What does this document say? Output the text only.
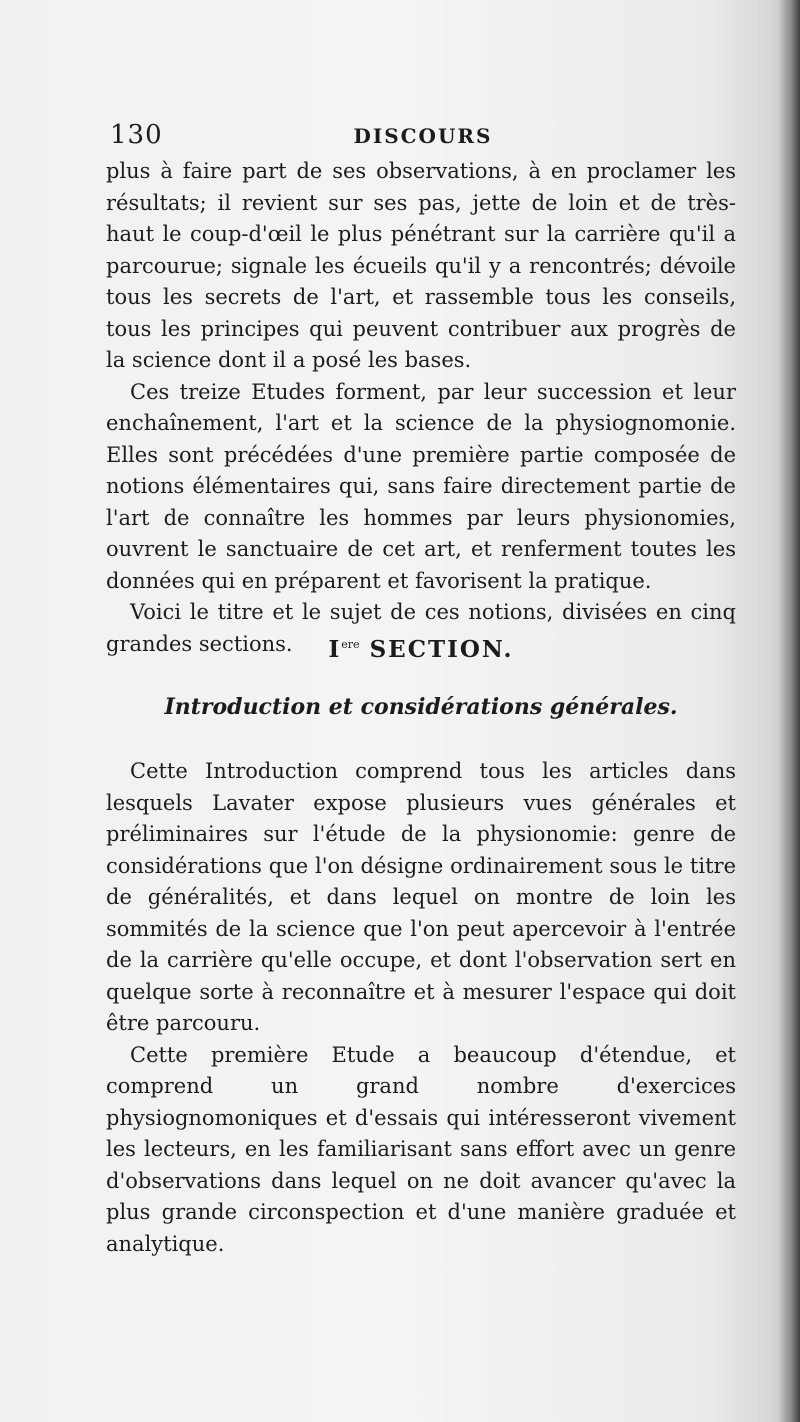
130	DISCOURS

plus à faire part de ses observations, à en proclamer les résultats; il revient sur ses pas, jette de loin et de très-haut le coup-d'œil le plus pénétrant sur la carrière qu'il a parcourue; signale les écueils qu'il y a rencontrés; dévoile tous les secrets de l'art, et rassemble tous les conseils, tous les principes qui peuvent contribuer aux progrès de la science dont il a posé les bases.

Ces treize Etudes forment, par leur succession et leur enchaînement, l'art et la science de la physiognomonie. Elles sont précédées d'une première partie composée de notions élémentaires qui, sans faire directement partie de l'art de connaître les hommes par leurs physionomies, ouvrent le sanctuaire de cet art, et renferment toutes les données qui en préparent et favorisent la pratique.

Voici le titre et le sujet de ces notions, divisées en cinq grandes sections.	Iere SECTION.
Introduction et considérations générales.

Cette Introduction comprend tous les articles dans lesquels Lavater expose plusieurs vues générales et préliminaires sur l'étude de la physionomie: genre de considérations que l'on désigne ordinairement sous le titre de généralités, et dans lequel on montre de loin les sommités de la science que l'on peut apercevoir à l'entrée de la carrière qu'elle occupe, et dont l'observation sert en quelque sorte à reconnaître et à mesurer l'espace qui doit être parcouru.

Cette première Etude a beaucoup d'étendue, et comprend un grand nombre d'exercices physiognomoniques et d'essais qui intéresseront vivement les lecteurs, en les familiarisant sans effort avec un genre d'observations dans lequel on ne doit avancer qu'avec la plus grande circonspection et d'une manière graduée et analytique.
